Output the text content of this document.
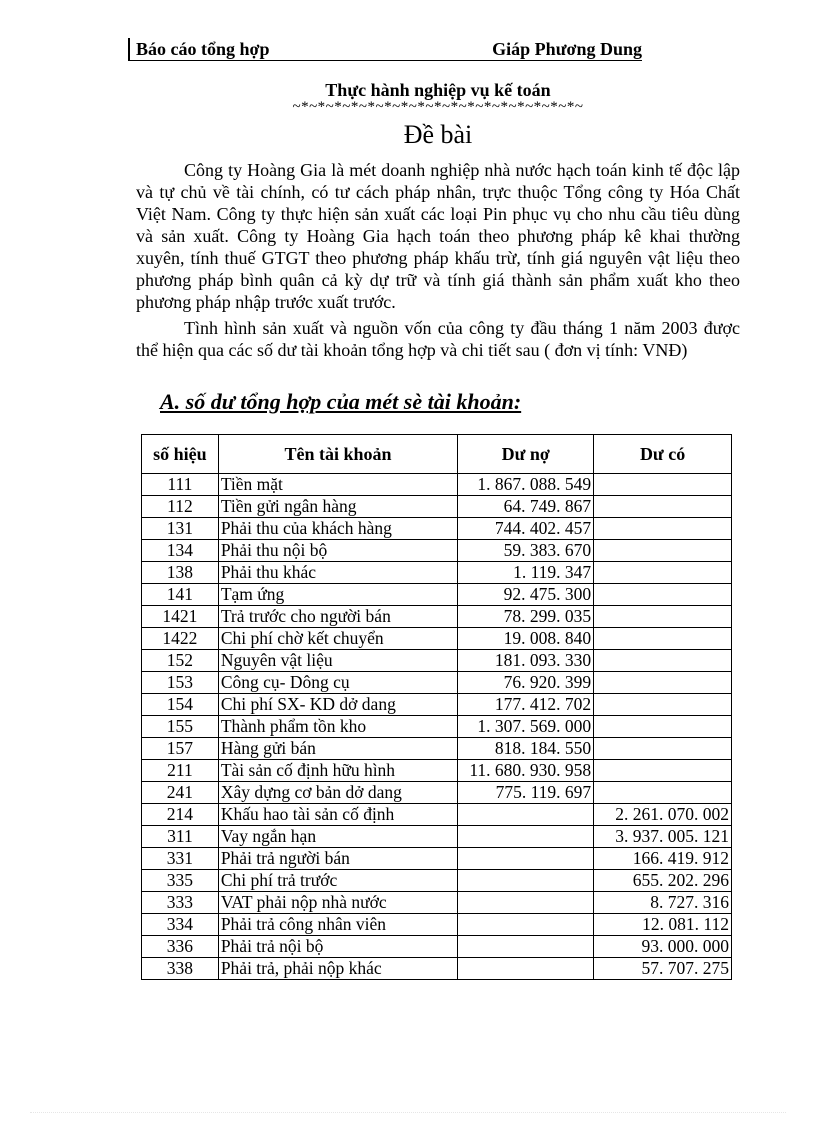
Báo cáo tổng hợp	Giáp Phương Dung
Thực hành nghiệp vụ kế toán
~*~*~*~*~*~*~*~*~*~*~*~*~*~*~*~*~*~
Đề bài

Công ty Hoàng Gia là mét doanh nghiệp nhà nước hạch toán kinh tế độc lập và tự chủ về tài chính, có tư cách pháp nhân, trực thuộc Tổng công ty Hóa Chất Việt Nam. Công ty thực hiện sản xuất các loại Pin phục vụ cho nhu cầu tiêu dùng và sản xuất. Công ty Hoàng Gia hạch toán theo phương pháp kê khai thường xuyên, tính thuế GTGT theo phương pháp khấu trừ, tính giá nguyên vật liệu theo phương pháp bình quân cả kỳ dự trữ và tính giá thành sản phẩm xuất kho theo phương pháp nhập trước xuất trước.

Tình hình sản xuất và nguồn vốn của công ty đầu tháng 1 năm 2003 được thể hiện qua các số dư tài khoản tổng hợp và chi tiết sau ( đơn vị tính: VNĐ)

A. số dư tổng hợp của mét sè tài khoản:
số hiệu	Tên tài khoản	Dư nợ	Dư có
111	Tiền mặt	1. 867. 088. 549	
112	Tiền gửi ngân hàng	64. 749. 867	
131	Phải thu của khách hàng	744. 402. 457	
134	Phải thu nội bộ	59. 383. 670	
138	Phải thu khác	1. 119. 347	
141	Tạm ứng	92. 475. 300	
1421	Trả trước cho người bán	78. 299. 035	
1422	Chi phí chờ kết chuyển	19. 008. 840	
152	Nguyên vật liệu	181. 093. 330	
153	Công cụ- Dông cụ	76. 920. 399	
154	Chi phí SX- KD dở dang	177. 412. 702	
155	Thành phẩm tồn kho	1. 307. 569. 000	
157	Hàng gửi bán	818. 184. 550	
211	Tài sản cố định hữu hình	11. 680. 930. 958	
241	Xây dựng cơ bản dở dang	775. 119. 697	
214	Khấu hao tài sản cố định		2. 261. 070. 002
311	Vay ngắn hạn		3. 937. 005. 121
331	Phải trả người bán		166. 419. 912
335	Chi phí trả trước		655. 202. 296
333	VAT phải nộp nhà nước		8. 727. 316
334	Phải trả công nhân viên		12. 081. 112
336	Phải trả nội bộ		93. 000. 000
338	Phải trả, phải nộp khác		57. 707. 275
